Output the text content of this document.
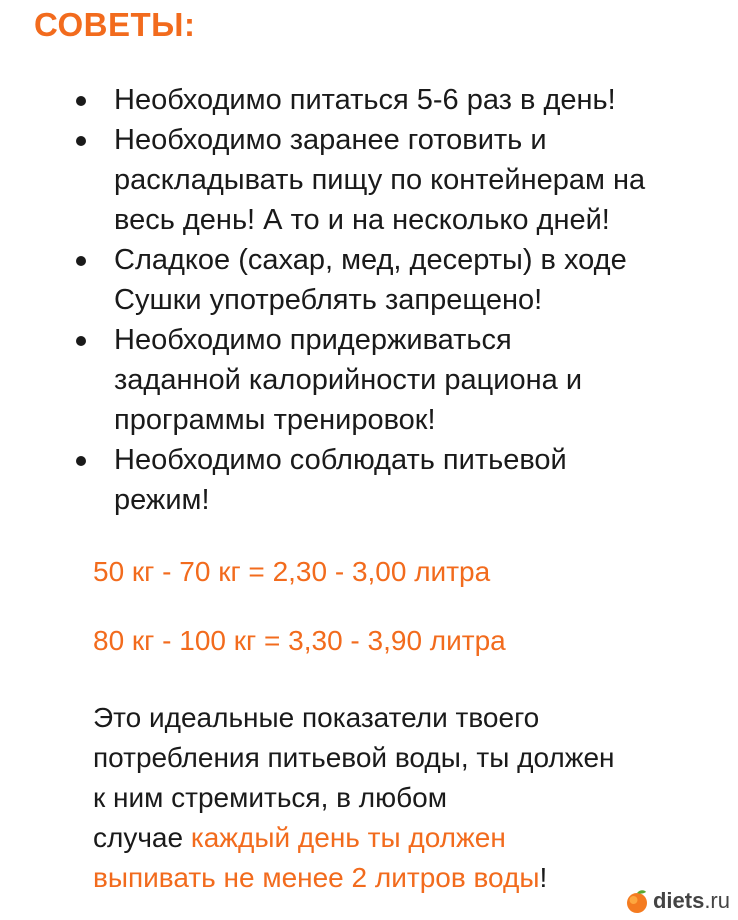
СОВЕТЫ:
Необходимо питаться 5-6 раз в день!
Необходимо заранее готовить и
раскладывать пищу по контейнерам на
весь день! А то и на несколько дней!
Сладкое (сахар, мед, десерты) в ходе
Сушки употреблять запрещено!
Необходимо придерживаться
заданной калорийности рациона и
программы тренировок!
Необходимо соблюдать питьевой
режим!
50 кг - 70 кг = 2,30 - 3,00 литра
80 кг - 100 кг = 3,30 - 3,90 литра
Это идеальные показатели твоего
потребления питьевой воды, ты должен
к ним стремиться, в любом
случае каждый день ты должен
выпивать не менее 2 литров воды!
diets .ru
